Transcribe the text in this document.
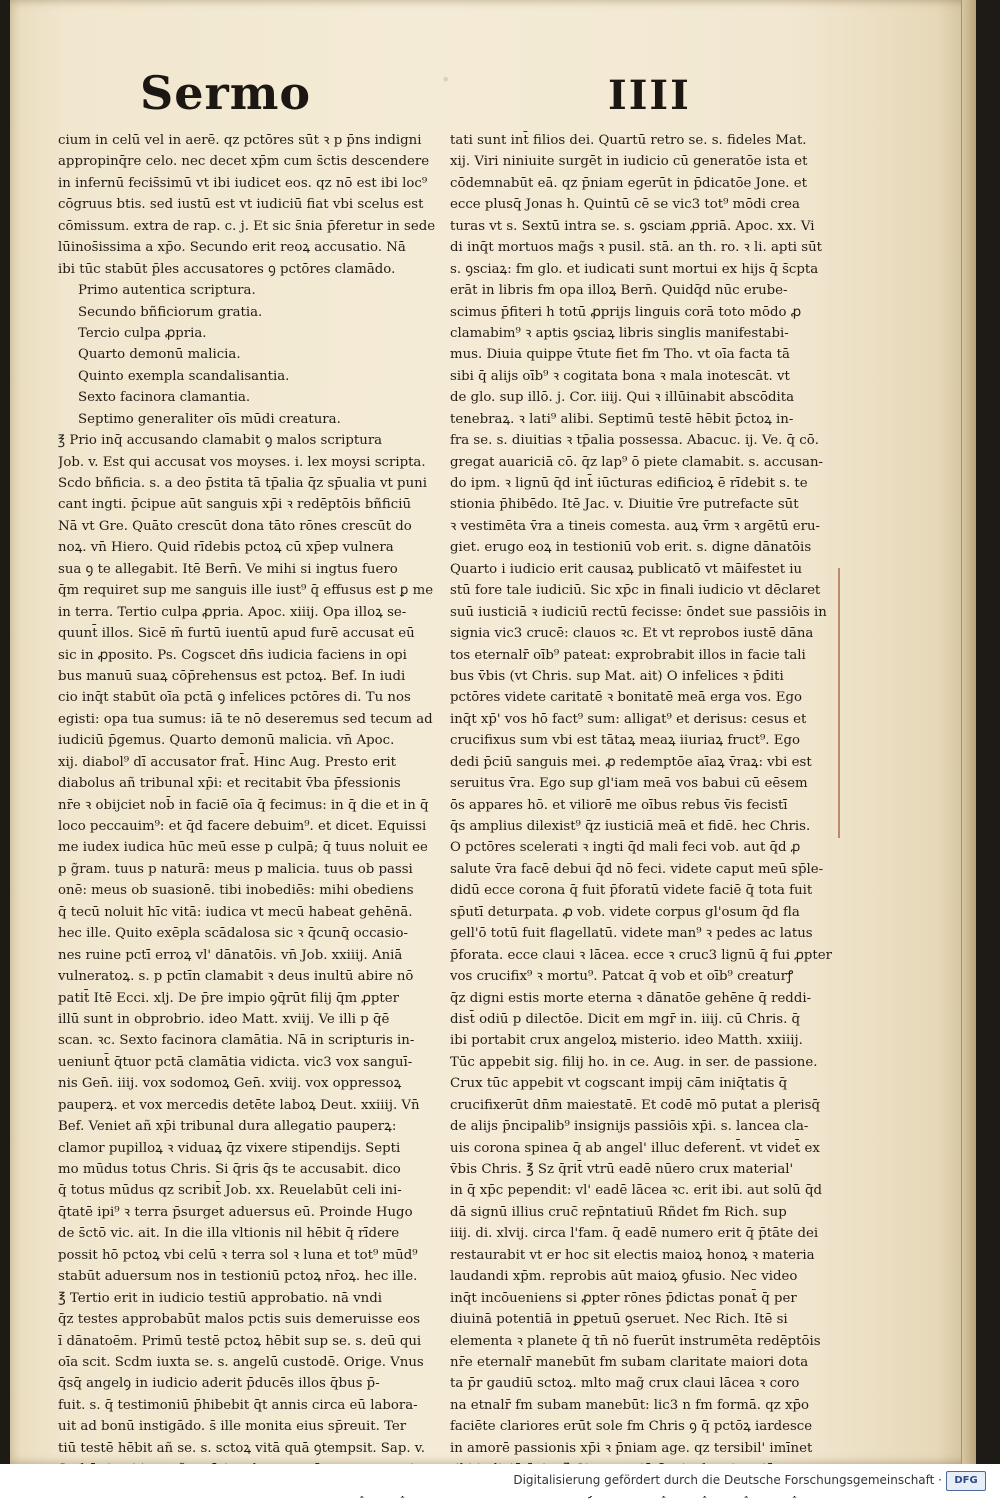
·
Sermo	IIII
cium in celū vel in aerē. qz pctōres sūt ꝛ p p̄ns indigni
appropinq̄re celo. nec decet xp̄m cum s̄ctis descendere
in infernū fecis̄simū vt ibi iudicet eos. qz nō est ibi loc⁹
cōgruus btis. sed iustū est vt iudiciū fiat vbi scelus est
cōmissum. extra de rap. c. j. Et sic s̄nia p̄feretur in sede
lūinos̄issima a xp̄o. Secundo erit reoꝝ accusatio. Nā
ibi tūc stabūt p̄les accusatores ꝯ pctōres clamādo.
Primo autentica scriptura.
Secundo bñficiorum gratia.
Tercio culpa ꝓpria.
Quarto demonū malicia.
Quinto exempla scandalisantia.
Sexto facinora clamantia.
Septimo generaliter oīs mūdi creatura.
℥ Prio inq̄ accusando clamabit ꝯ malos scriptura
Job. v. Est qui accusat vos moyses. i. lex moysi scripta.
Scdo bñficia. s. a deo p̄stita tā tp̄alia q̄z sp̄ualia vt puni
cant ingti. p̄cipue aūt sanguis xp̄i ꝛ redēptōis bñficiū
Nā vt Gre. Quāto crescūt dona tāto rōnes crescūt do
noꝝ. vn̄ Hiero. Quid rīdebis pctoꝝ cū xp̄ep vulnera
sua ꝯ te allegabit. Itē Bern̄. Ve mihi si ingtus fuero
q̄m requiret sup me sanguis ille iust⁹ q̄ effusus est ꝑ me
in terra. Tertio culpa ꝓpria. Apoc. xiiij. Opa illoꝝ se-
quunt̄ illos. Sicē m̄ furtū iuentū apud furē accusat eū
sic in ꝓposito. Ps. Cogscet dn̄s iudicia faciens in opi
bus manuū suaꝝ cōp̄rehensus est pctoꝝ. Bef. In iudi
cio inq̄t stabūt oīa pctā ꝯ infelices pctōres di. Tu nos
egisti: opa tua sumus: iā te nō deseremus sed tecum ad
iudiciū p̄gemus. Quarto demonū malicia. vn̄ Apoc.
xij. diabol⁹ dī accusator frat̄. Hinc Aug. Presto erit
diabolus añ tribunal xp̄i: et recitabit v̄ba p̄fessionis
nr̄e ꝛ obijciet nob̄ in faciē oīa q̄ fecimus: in q̄ die et in q̄
loco peccauim⁹: et q̄d facere debuim⁹. et dicet. Equissi
me iudex iudica hūc meū esse p culpā; q̄ tuus noluit ee
p g̃ram. tuus p naturā: meus p malicia. tuus ob passi
onē: meus ob suasionē. tibi inobediēs: mihi obediens
q̄ tecū noluit hīc vitā: iudica vt mecū habeat gehēnā.
hec ille. Quito exēpla scādalosa sic ꝛ q̄cunq̄ occasio-
nes ruine pctī erroꝝ vl' dānatōis. vn̄ Job. xxiiij. Aniā
vulneratoꝝ. s. p pctīn clamabit ꝛ deus inultū abire nō
patit̄ Itē Ecci. xlj. De p̄re impio ꝯq̄rūt filij q̄m ꝓpter
illū sunt in obprobrio. ideo Matt. xviij. Ve illi p q̄ē
scan. ꝛc. Sexto facinora clamātia. Nā in scripturis in-
ueniunt̄ q̄tuor pctā clamātia vidicta. vic3 vox sanguī-
nis Gen̄. iiij. vox sodomoꝝ Gen̄. xviij. vox oppressoꝝ
pauperꝝ. et vox mercedis detēte laboꝝ Deut. xxiiij. Vn̄
Bef. Veniet añ xp̄i tribunal dura allegatio pauperꝝ:
clamor pupilloꝝ ꝛ viduaꝝ q̄z vixere stipendijs. Septi
mo mūdus totus Chris. Si q̄ris q̄s te accusabit. dico
q̄ totus mūdus qz scribit̄ Job. xx. Reuelabūt celi ini-
q̄tatē ipi⁹ ꝛ terra p̄surget aduersus eū. Proinde Hugo
de s̄ctō vic. ait. In die illa vltionis nil hēbit q̄ rīdere
possit hō pctoꝝ vbi celū ꝛ terra sol ꝛ luna et tot⁹ mūd⁹
stabūt aduersum nos in testioniū pctoꝝ nr̄oꝝ. hec ille.
℥ Tertio erit in iudicio testiū approbatio. nā vndi
q̄z testes approbabūt malos pctis suis demeruisse eos
ī dānatoēm. Primū testē pctoꝝ hēbit sup se. s. deū qui
oīa scit. Scdm iuxta se. s. angelū custodē. Orige. Vnus
q̄sq̄ angelꝯ in iudicio aderit p̄ducēs illos q̄bus p̄-
fuit. s. q̄ testimoniū p̄hibebit q̄t annis circa eū labora-
uit ad bonū instigādo. s̄ ille monita eius sp̄reuit. Ter
tiū testē hēbit añ se. s. sctoꝝ vitā quā ꝯtempsit. Sap. v.
tati sunt int̄ filios dei. Quartū retro se. s. fideles Mat.
xij. Viri niniuite surgēt in iudicio cū generatōe ista et
cōdemnabūt eā. qz p̄niam egerūt in p̄dicatōe Jone. et
ecce plusq̄ Jonas h. Quintū cē se vic3 tot⁹ mōdi crea
turas vt s. Sextū intra se. s. ꝯsciam ꝓpriā. Apoc. xx. Vi
di inq̄t mortuos mag̃s ꝛ pusil. stā. an th. ro. ꝛ li. apti sūt
s. ꝯsciaꝝ: fm glo. et iudicati sunt mortui ex hijs q̄ s̄cpta
erāt in libris fm opa illoꝝ Bern̄. Quidq̄d nūc erube-
scimus p̄fiteri h totū ꝓprijs linguis corā toto mōdo ꝓ
clamabim⁹ ꝛ aptis ꝯsciaꝝ libris singlis manifestabi-
mus. Diuia quippe v̄tute fiet fm Tho. vt oīa facta tā
sibi q̄ alijs oīb⁹ ꝛ cogitata bona ꝛ mala inotescāt. vt
de glo. sup illō. j. Cor. iiij. Qui ꝛ illūinabit abscōdita
tenebraꝝ. ꝛ lati⁹ alibi. Septimū testē hēbit p̄ctoꝝ in-
fra se. s. diuitias ꝛ tp̄alia possessa. Abacuc. ij. Ve. q̄ cō.
gregat auariciā cō. q̄z lap⁹ ō piete clamabit. s. accusan-
do ipm. ꝛ lignū q̄d int̄ iūcturas edificioꝝ ē rīdebit s. te
stionia p̄hibēdo. Itē Jac. v. Diuitie v̄re putrefacte sūt
ꝛ vestimēta v̄ra a tineis comesta. auꝝ v̄rm ꝛ argētū eru-
giet. erugo eoꝝ in testioniū vob erit. s. digne dānatōis
Quarto i iudicio erit causaꝝ publicatō vt māifestet iu
stū fore tale iudiciū. Sic xp̄c in finali iudicio vt dēclaret
suū iusticiā ꝛ iudiciū rectū fecisse: ōndet sue passiōis in
signia vic3 crucē: clauos ꝛc. Et vt reprobos iustē dāna
tos eternalr̄ oīb⁹ pateat: exprobrabit illos in facie tali
bus v̄bis (vt Chris. sup Mat. ait) O infelices ꝛ p̄diti
pctōres videte caritatē ꝛ bonitatē meā erga vos. Ego
inq̄t xp̄' vos hō fact⁹ sum: alligat⁹ et derisus: cesus et
crucifixus sum vbi est tātaꝝ meaꝝ iiuriaꝝ fruct⁹. Ego
dedi p̄ciū sanguis mei. ꝓ redemptōe aīaꝝ v̄raꝝ: vbi est
seruitus v̄ra. Ego sup gl'iam meā vos babui cū eēsem
ōs appares hō. et viliorē me oībus rebus v̄is fecistī
q̄s amplius dilexist⁹ q̄z iusticiā meā et fidē. hec Chris.
O pctōres scelerati ꝛ ingti q̄d mali feci vob. aut q̄d ꝓ
salute v̄ra facē debui q̄d nō feci. videte caput meū sp̄le-
didū ecce corona q̄ fuit p̄foratū videte faciē q̄ tota fuit
sp̄utī deturpata. ꝓ vob. videte corpus gl'osum q̄d fla
gell'ō totū fuit flagellatū. videte man⁹ ꝛ pedes ac latus
p̄forata. ecce claui ꝛ lācea. ecce ꝛ cruc3 lignū q̄ fui ꝓpter
vos crucifix⁹ ꝛ mortu⁹. Patcat q̄ vob et oīb⁹ creaturꝭ
q̄z digni estis morte eterna ꝛ dānatōe gehēne q̄ reddi-
dist̄ odiū p dilectōe. Dicit em mgr̄ in. iiij. cū Chris. q̄
ibi portabit crux angeloꝝ misterio. ideo Matth. xxiiij.
Tūc appebit sig. filij ho. in ce. Aug. in ser. de passione.
Crux tūc appebit vt cogscant impij cām iniq̄tatis q̄
crucifixerūt dn̄m maiestatē. Et codē mō putat a plerisq̄
de alijs p̄ncipalib⁹ insignijs passiōis xp̄i. s. lancea cla-
uis corona spinea q̄ ab angel' illuc deferent̄. vt videt̄ ex
v̄bis Chris. ℥ Sz q̄rit̄ vtrū eadē nūero crux material'
in q̄ xp̄c pependit: vl' eadē lācea ꝛc. erit ibi. aut solū q̄d
dā signū illius cruc̄ rep̄ntatiuū Rñdet fm Rich. sup
iiij. di. xlvij. circa l'fam. q̄ eadē numero erit q̄ p̄tāte dei
restaurabit vt er hoc sit electis maioꝝ honoꝝ ꝛ materia
laudandi xp̄m. reprobis aūt maioꝝ ꝯfusio. Nec video
inq̄t incōueniens si ꝓpter rōnes p̄dictas ponat̄ q̄ per
diuinā potentiā in ꝑpetuū ꝯseruet. Nec Rich. Itē si
elementa ꝛ planete q̄ tn̄ nō fuerūt instrumēta redēptōis
nr̄e eternalr̄ manebūt fm subam claritate maiori dota
ta p̄r gaudiū sctoꝝ. mlto mag̃ crux claui lācea ꝛ coro
na etnalr̄ fm subam manebūt: lic3 n fm formā. qz xp̄o
faciēte clariores erūt sole fm Chris ꝯ q̄ pctōꝝ iardesce
in amorē passionis xp̄i ꝛ p̄niam age. qz tersibil' imīnet
Digitalisierung gefördert durch die Deutsche Forschungsgemeinschaft ·	DFG
